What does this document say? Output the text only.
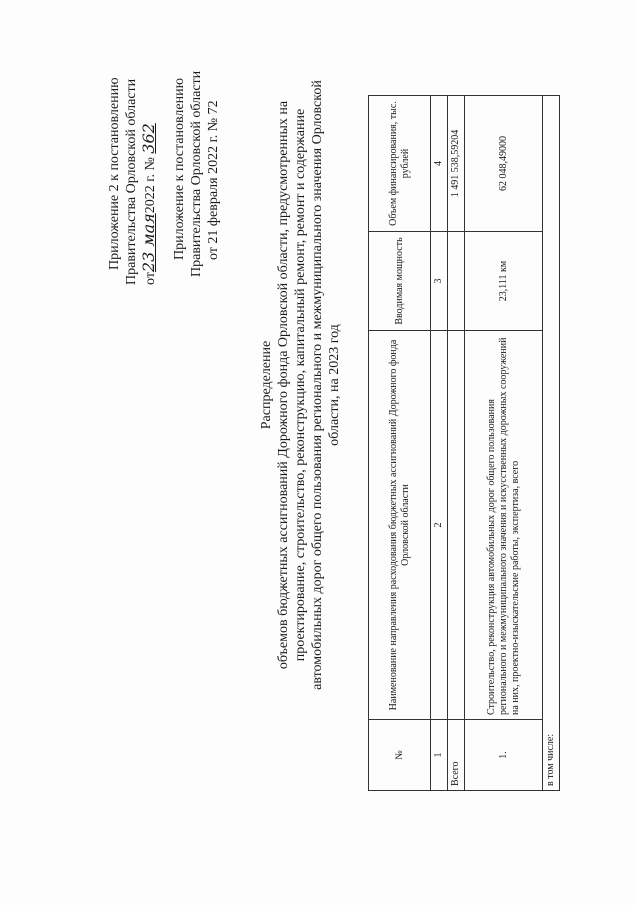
Приложение 2 к постановлению Правительства Орловской области от23 мая2022 г. № 362 Приложение к постановлению Правительства Орловской области от 21 февраля 2022 г. № 72
Распределение объемов бюджетных ассигнований Дорожного фонда Орловской области, предусмотренных на проектирование, строительство, реконструкцию, капитальный ремонт, ремонт и содержание автомобильных дорог общего пользования регионального и межмуниципального значения Орловской области, на 2023 год
№	Наименование направления расходования бюджетных ассигнований Дорожного фонда Орловской области	Вводимая мощность	Объем финансирования, тыс. рублей
1	2	3	4
Всего			1 491 538,59204
1.	Строительство, реконструкция автомобильных дорог общего пользования регионального и межмуниципального значения и искусственных дорожных сооружений на них, проектно-изыскательские работы, экспертиза, всего	23,111 км	62 048,49000
в том числе:			
